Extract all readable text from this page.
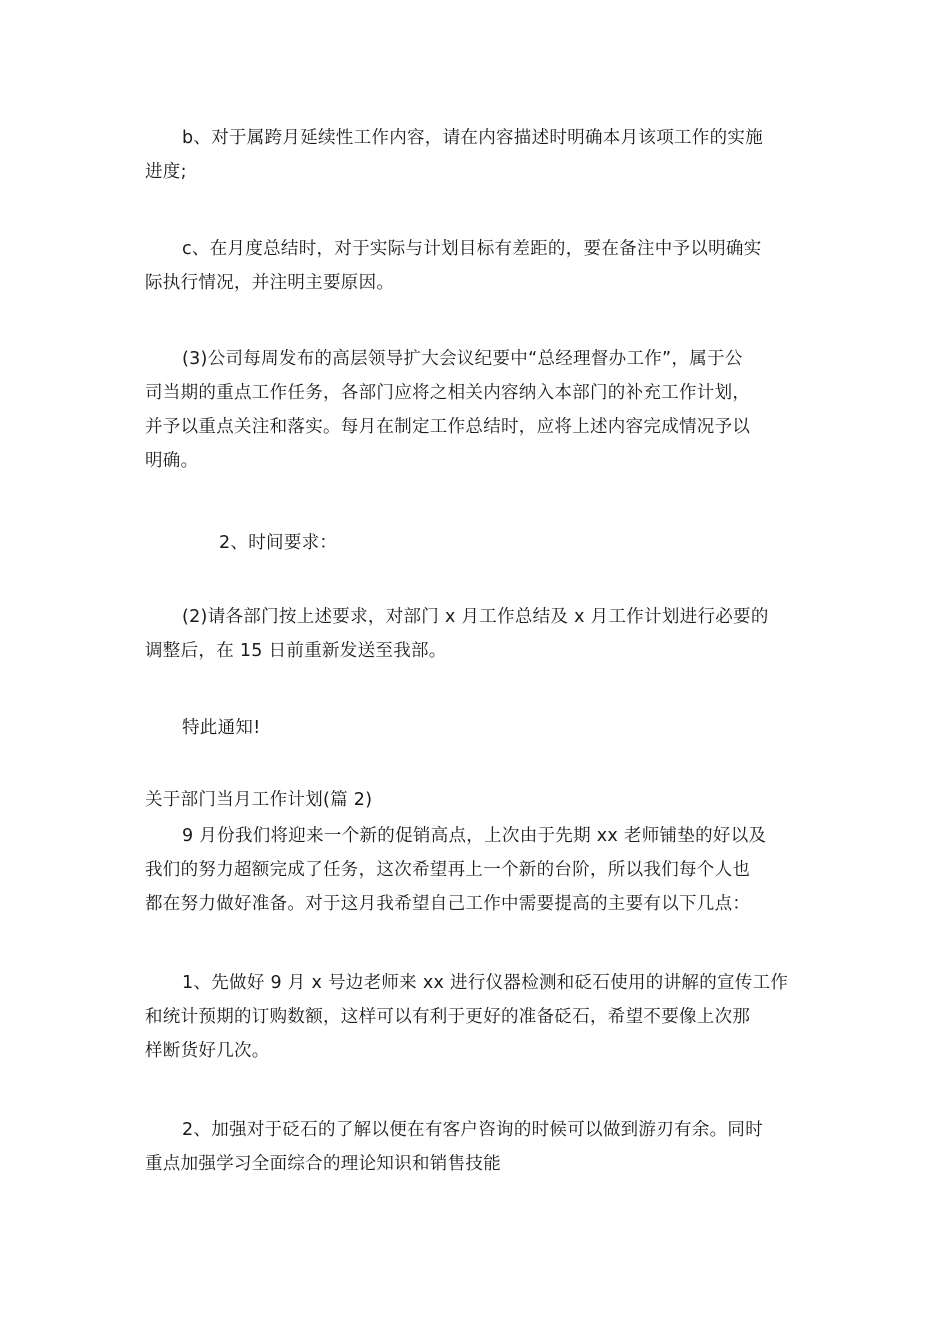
b、对于属跨月延续性工作内容，请在内容描述时明确本月该项工作的实施
进度;
c、在月度总结时，对于实际与计划目标有差距的，要在备注中予以明确实
际执行情况，并注明主要原因。
(3)公司每周发布的高层领导扩大会议纪要中“总经理督办工作”，属于公
司当期的重点工作任务，各部门应将之相关内容纳入本部门的补充工作计划，
并予以重点关注和落实。每月在制定工作总结时，应将上述内容完成情况予以
明确。
2、时间要求：
(2)请各部门按上述要求，对部门 x 月工作总结及 x 月工作计划进行必要的
调整后，在 15 日前重新发送至我部。
特此通知!
关于部门当月工作计划(篇 2)
9 月份我们将迎来一个新的促销高点，上次由于先期 xx 老师铺垫的好以及
我们的努力超额完成了任务，这次希望再上一个新的台阶，所以我们每个人也
都在努力做好准备。对于这月我希望自己工作中需要提高的主要有以下几点：
1、先做好 9 月 x 号边老师来 xx 进行仪器检测和砭石使用的讲解的宣传工作
和统计预期的订购数额，这样可以有利于更好的准备砭石，希望不要像上次那
样断货好几次。
2、加强对于砭石的了解以便在有客户咨询的时候可以做到游刃有余。同时
重点加强学习全面综合的理论知识和销售技能
